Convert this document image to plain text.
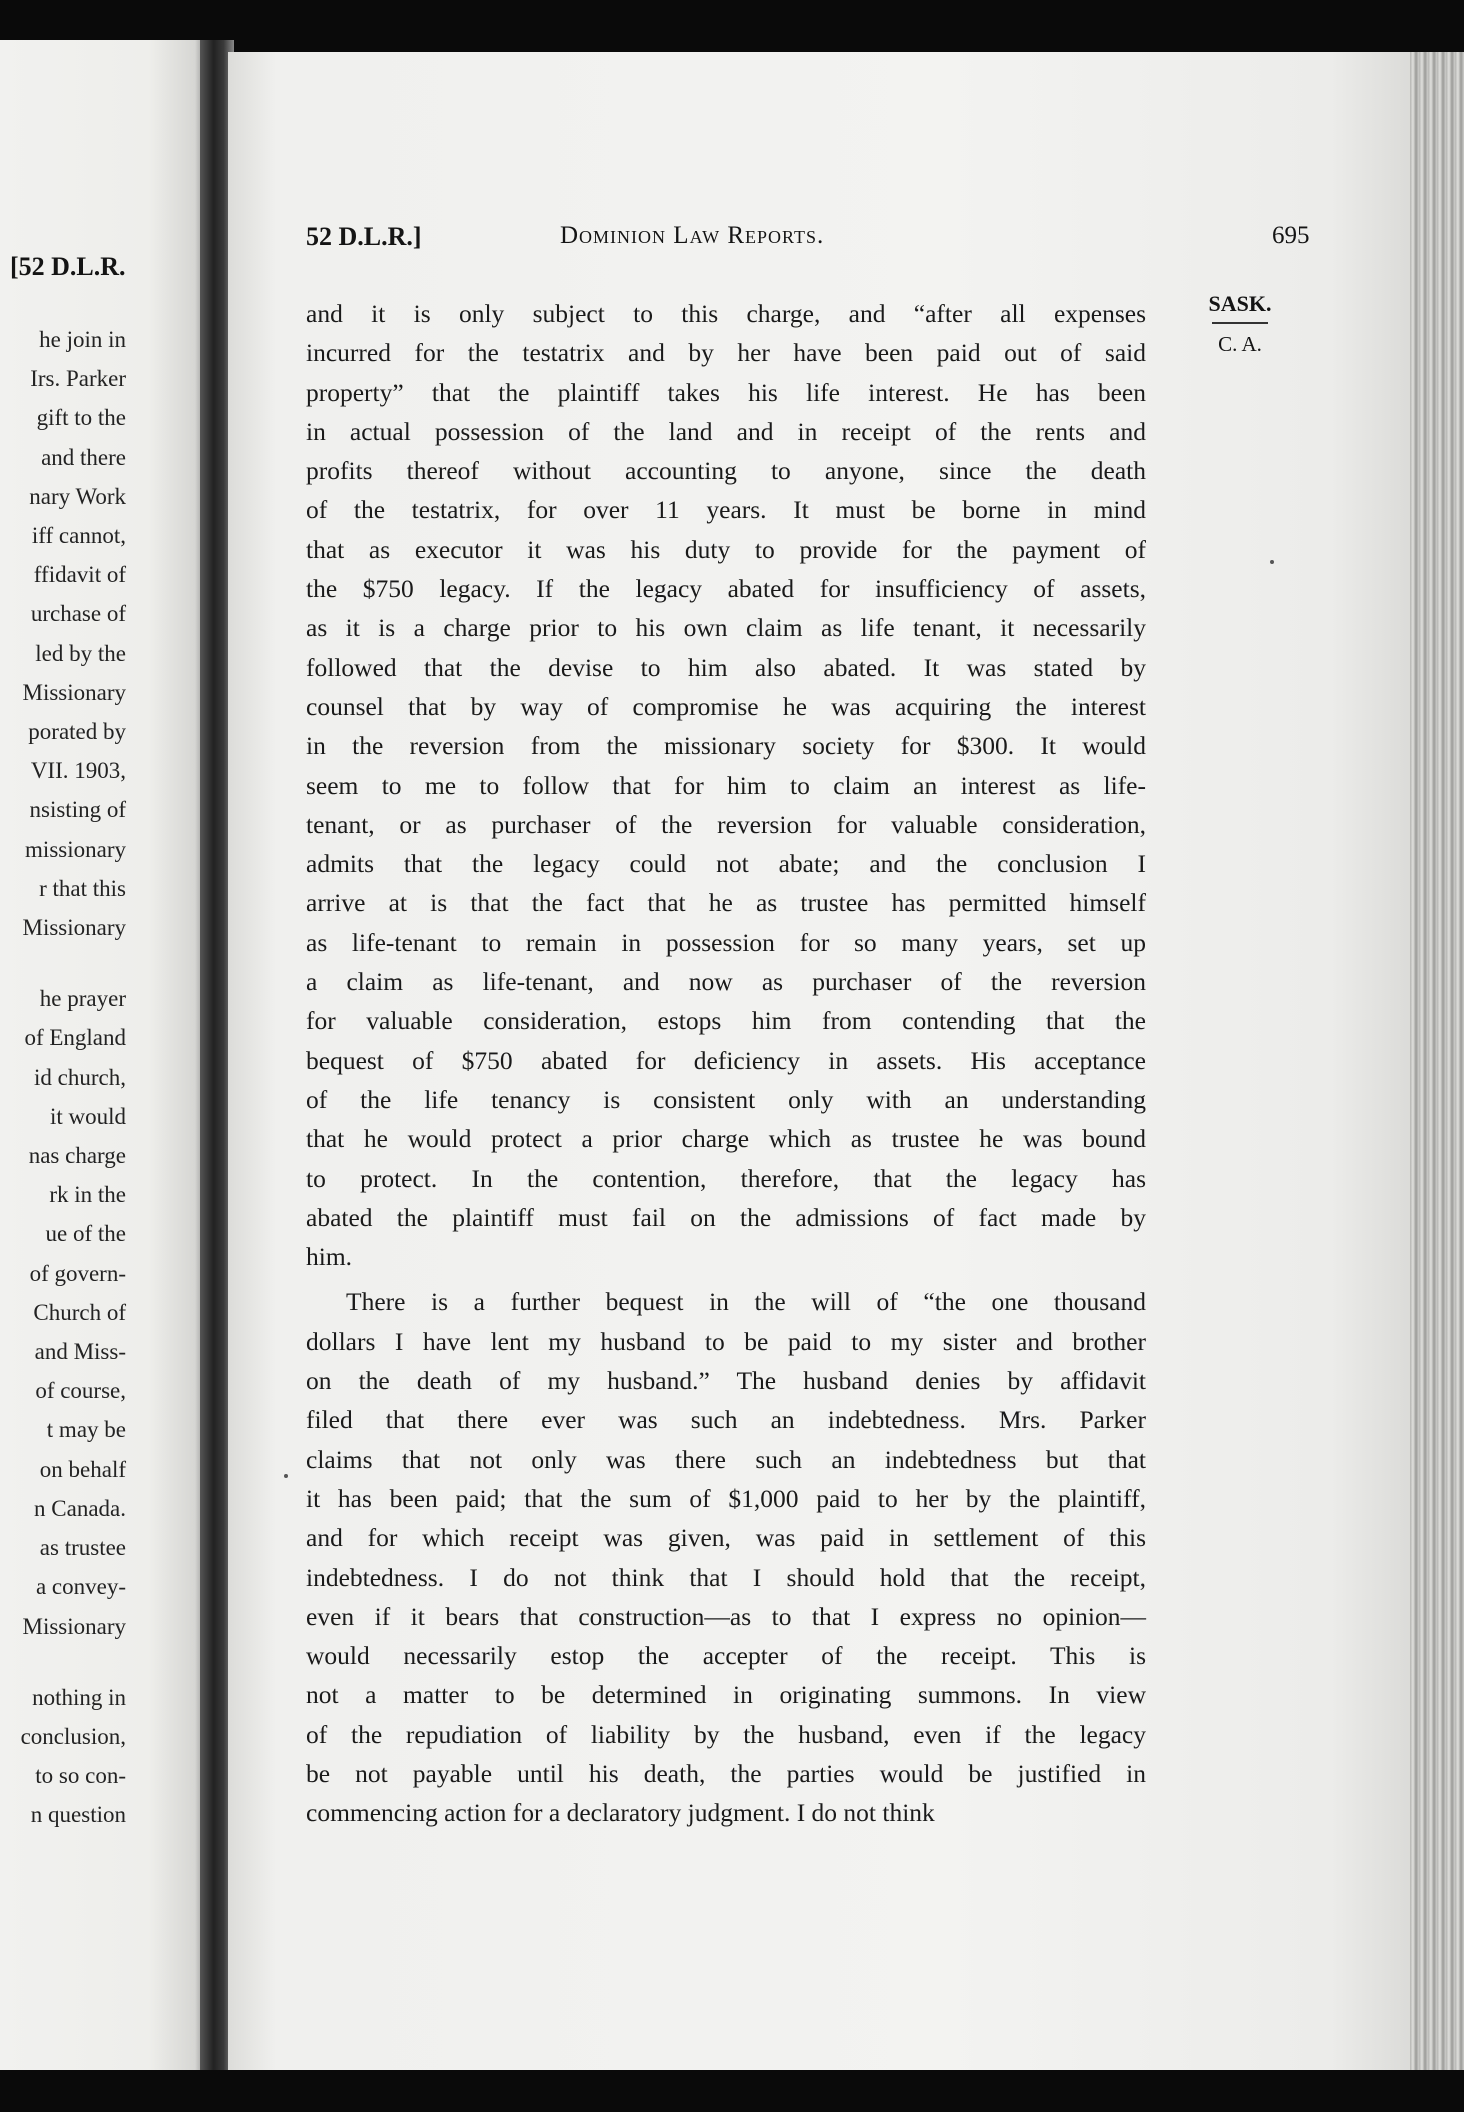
[52 D.L.R.
he join in
Irs. Parker
gift to the
and there
nary Work
iff cannot,
ffidavit of
urchase of
led by the
Missionary
porated by
VII. 1903,
nsisting of
missionary
r that this
Missionary
he prayer
of England
id church,
it would
nas charge
rk in the
ue of the
of govern-
Church of
and Miss-
of course,
t may be
on behalf
n Canada.
as trustee
a convey-
Missionary
nothing in
conclusion,
to so con-
n question
52 D.L.R.]	Dominion Law Reports.	695
SASK.
C. A.
and it is only subject to this charge, and “after all expenses
incurred for the testatrix and by her have been paid out of said
property” that the plaintiff takes his life interest. He has been
in actual possession of the land and in receipt of the rents and
profits thereof without accounting to anyone, since the death
of the testatrix, for over 11 years. It must be borne in mind
that as executor it was his duty to provide for the payment of
the $750 legacy. If the legacy abated for insufficiency of assets,
as it is a charge prior to his own claim as life tenant, it necessarily
followed that the devise to him also abated. It was stated by
counsel that by way of compromise he was acquiring the interest
in the reversion from the missionary society for $300. It would
seem to me to follow that for him to claim an interest as life-
tenant, or as purchaser of the reversion for valuable consideration,
admits that the legacy could not abate; and the conclusion I
arrive at is that the fact that he as trustee has permitted himself
as life-tenant to remain in possession for so many years, set up
a claim as life-tenant, and now as purchaser of the reversion
for valuable consideration, estops him from contending that the
bequest of $750 abated for deficiency in assets. His acceptance
of the life tenancy is consistent only with an understanding
that he would protect a prior charge which as trustee he was bound
to protect. In the contention, therefore, that the legacy has
abated the plaintiff must fail on the admissions of fact made by
him.
There is a further bequest in the will of “the one thousand
dollars I have lent my husband to be paid to my sister and brother
on the death of my husband.” The husband denies by affidavit
filed that there ever was such an indebtedness. Mrs. Parker
claims that not only was there such an indebtedness but that
it has been paid; that the sum of $1,000 paid to her by the plaintiff,
and for which receipt was given, was paid in settlement of this
indebtedness. I do not think that I should hold that the receipt,
even if it bears that construction—as to that I express no opinion—
would necessarily estop the accepter of the receipt. This is
not a matter to be determined in originating summons. In view
of the repudiation of liability by the husband, even if the legacy
be not payable until his death, the parties would be justified in
commencing action for a declaratory judgment. I do not think
